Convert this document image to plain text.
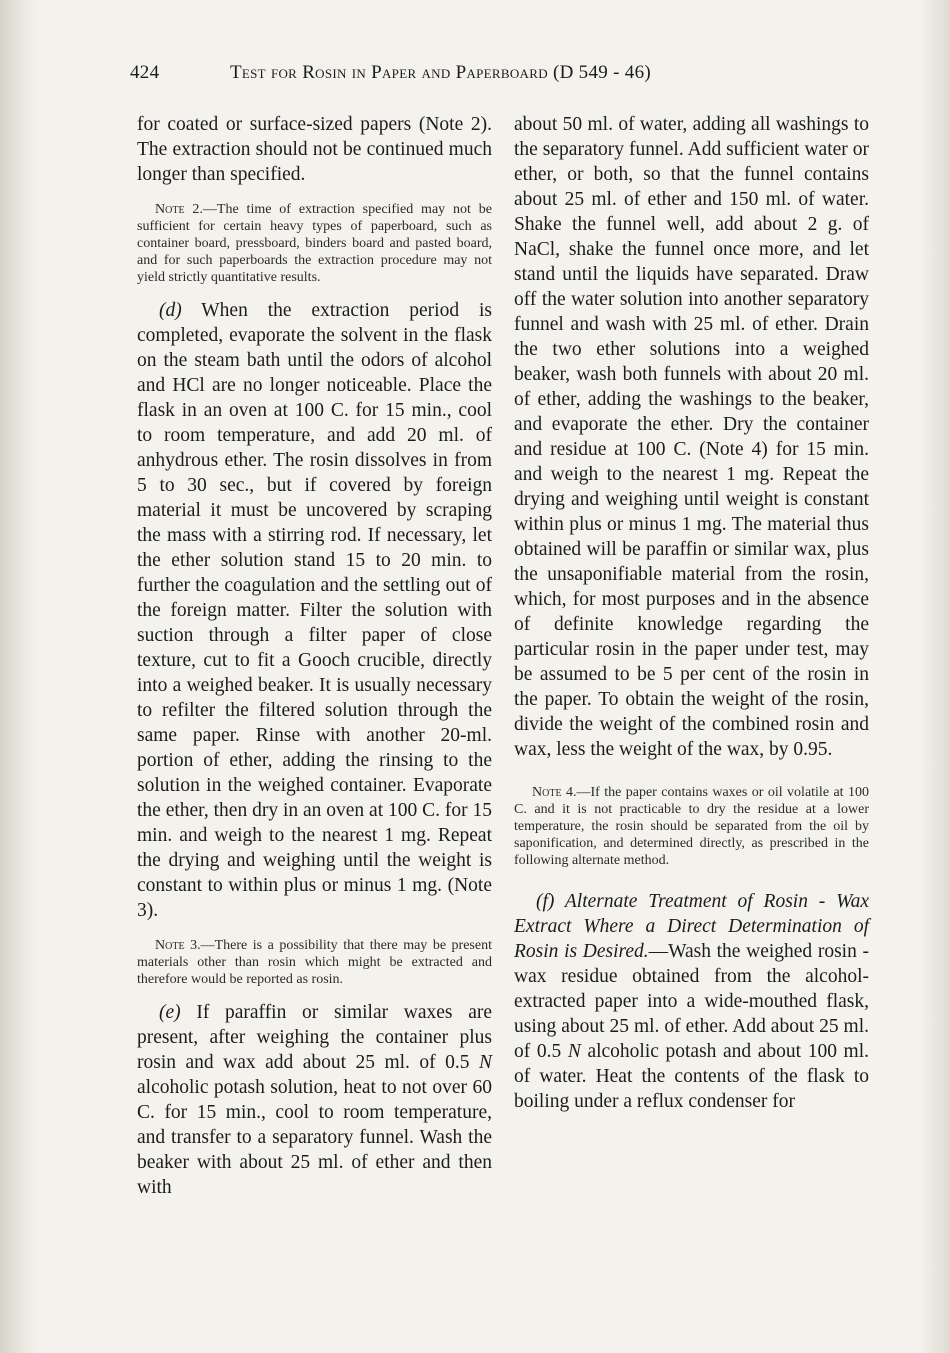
424	Test for Rosin in Paper and Paperboard (D 549 - 46)

for coated or surface-sized papers (Note 2). The extraction should not be continued much longer than specified.

Note 2.—The time of extraction specified may not be sufficient for certain heavy types of paperboard, such as container board, pressboard, binders board and pasted board, and for such paperboards the extraction procedure may not yield strictly quantitative results.

(d) When the extraction period is completed, evaporate the solvent in the flask on the steam bath until the odors of alcohol and HCl are no longer noticeable. Place the flask in an oven at 100 C. for 15 min., cool to room temperature, and add 20 ml. of anhydrous ether. The rosin dissolves in from 5 to 30 sec., but if covered by foreign material it must be uncovered by scraping the mass with a stirring rod. If necessary, let the ether solution stand 15 to 20 min. to further the coagulation and the settling out of the foreign matter. Filter the solution with suction through a filter paper of close texture, cut to fit a Gooch crucible, directly into a weighed beaker. It is usually necessary to refilter the filtered solution through the same paper. Rinse with another 20-ml. portion of ether, adding the rinsing to the solution in the weighed container. Evaporate the ether, then dry in an oven at 100 C. for 15 min. and weigh to the nearest 1 mg. Repeat the drying and weighing until the weight is constant to within plus or minus 1 mg. (Note 3).

Note 3.—There is a possibility that there may be present materials other than rosin which might be extracted and therefore would be reported as rosin.

(e) If paraffin or similar waxes are present, after weighing the container plus rosin and wax add about 25 ml. of 0.5 N alcoholic potash solution, heat to not over 60 C. for 15 min., cool to room temperature, and transfer to a separatory funnel. Wash the beaker with about 25 ml. of ether and then with

about 50 ml. of water, adding all washings to the separatory funnel. Add sufficient water or ether, or both, so that the funnel contains about 25 ml. of ether and 150 ml. of water. Shake the funnel well, add about 2 g. of NaCl, shake the funnel once more, and let stand until the liquids have separated. Draw off the water solution into another separatory funnel and wash with 25 ml. of ether. Drain the two ether solutions into a weighed beaker, wash both funnels with about 20 ml. of ether, adding the washings to the beaker, and evaporate the ether. Dry the container and residue at 100 C. (Note 4) for 15 min. and weigh to the nearest 1 mg. Repeat the drying and weighing until weight is constant within plus or minus 1 mg. The material thus obtained will be paraffin or similar wax, plus the unsaponifiable material from the rosin, which, for most purposes and in the absence of definite knowledge regarding the particular rosin in the paper under test, may be assumed to be 5 per cent of the rosin in the paper. To obtain the weight of the rosin, divide the weight of the combined rosin and wax, less the weight of the wax, by 0.95.

Note 4.—If the paper contains waxes or oil volatile at 100 C. and it is not practicable to dry the residue at a lower temperature, the rosin should be separated from the oil by saponification, and determined directly, as prescribed in the following alternate method.

(f) Alternate Treatment of Rosin - Wax Extract Where a Direct Determination of Rosin is Desired.—Wash the weighed rosin - wax residue obtained from the alcohol-extracted paper into a wide-mouthed flask, using about 25 ml. of ether. Add about 25 ml. of 0.5 N alcoholic potash and about 100 ml. of water. Heat the contents of the flask to boiling under a reflux condenser for
